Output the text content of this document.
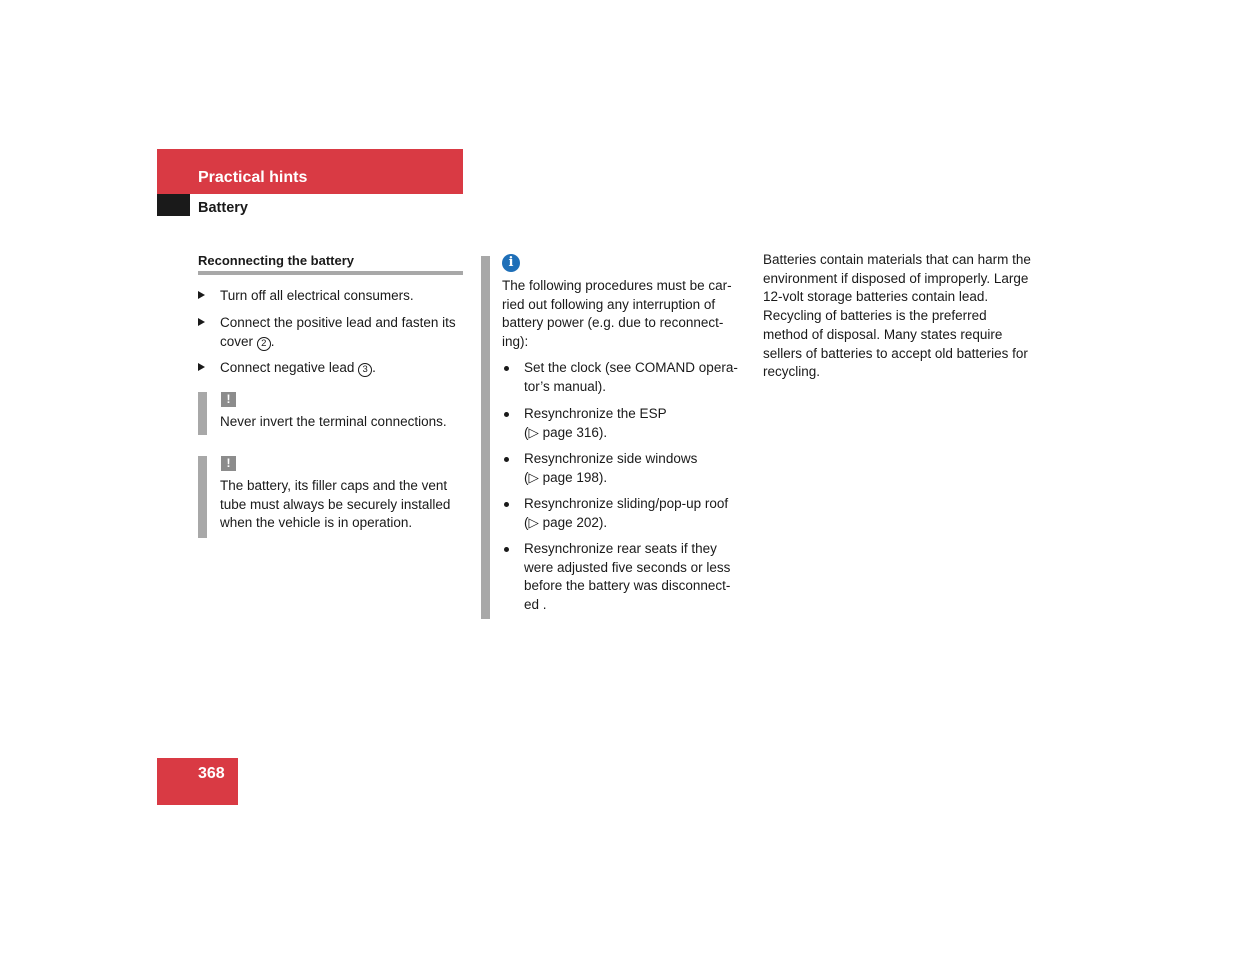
Practical hints
Battery
Reconnecting the battery
Turn off all electrical consumers.
Connect the positive lead and fasten its cover 2 .
Connect negative lead 3 .
!
Never invert the terminal connections.
!
The battery, its filler caps and the vent tube must always be securely installed when the vehicle is in operation.
i
The following procedures must be car-
ried out following any interruption of
battery power (e.g. due to reconnect-
ing):
Set the clock (see COMAND opera-
tor’s manual).
Resynchronize the ESP
(▷ page 316).
Resynchronize side windows
(▷ page 198).
Resynchronize sliding/pop-up roof
(▷ page 202).
Resynchronize rear seats if they
were adjusted five seconds or less
before the battery was disconnect-
ed .
Batteries contain materials that can harm the environment if disposed of improperly. Large 12-volt storage batteries contain lead. Recycling of batteries is the preferred method of disposal. Many states require sellers of batteries to accept old batteries for recycling.
368
